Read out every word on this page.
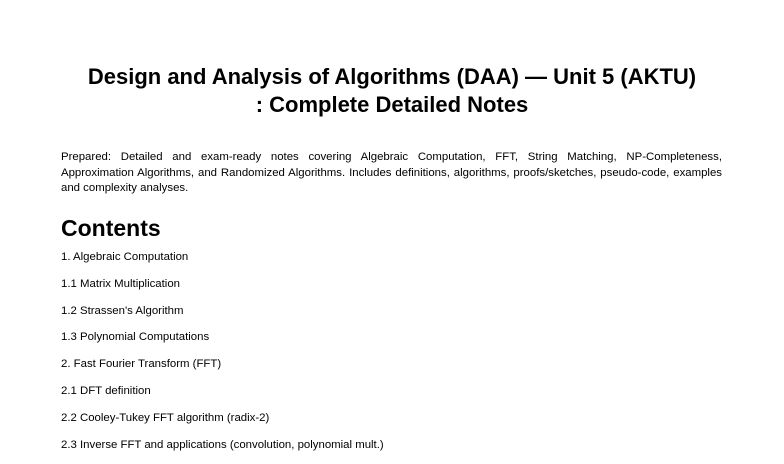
Design and Analysis of Algorithms (DAA) — Unit 5 (AKTU)
: Complete Detailed Notes

Prepared: Detailed and exam-ready notes covering Algebraic Computation, FFT, String Matching, NP-Completeness, Approximation Algorithms, and Randomized Algorithms. Includes definitions, algorithms, proofs/sketches, pseudo-code, examples and complexity analyses.

Contents
1. Algebraic Computation
1.1 Matrix Multiplication
1.2 Strassen's Algorithm
1.3 Polynomial Computations
2. Fast Fourier Transform (FFT)
2.1 DFT definition
2.2 Cooley-Tukey FFT algorithm (radix-2)
2.3 Inverse FFT and applications (convolution, polynomial mult.)
